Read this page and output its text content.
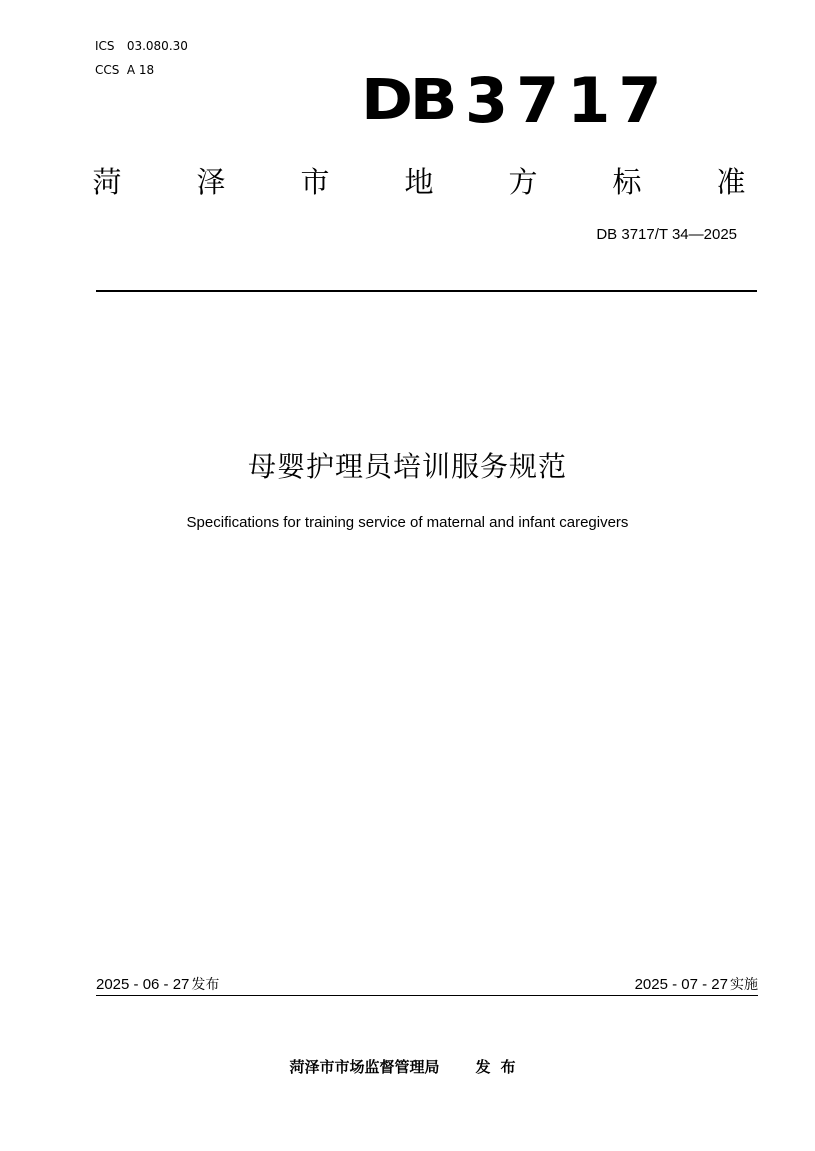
ICS 03.080.30
CCS A 18	DB 3717
菏	泽	市	地	方	标	准
DB 3717/T 34—2025
母婴护理员培训服务规范
Specifications for training service of maternal and infant caregivers
2025 - 06 - 27 发布	2025 - 07 - 27 实施
菏泽市市场监督管理局 发布
